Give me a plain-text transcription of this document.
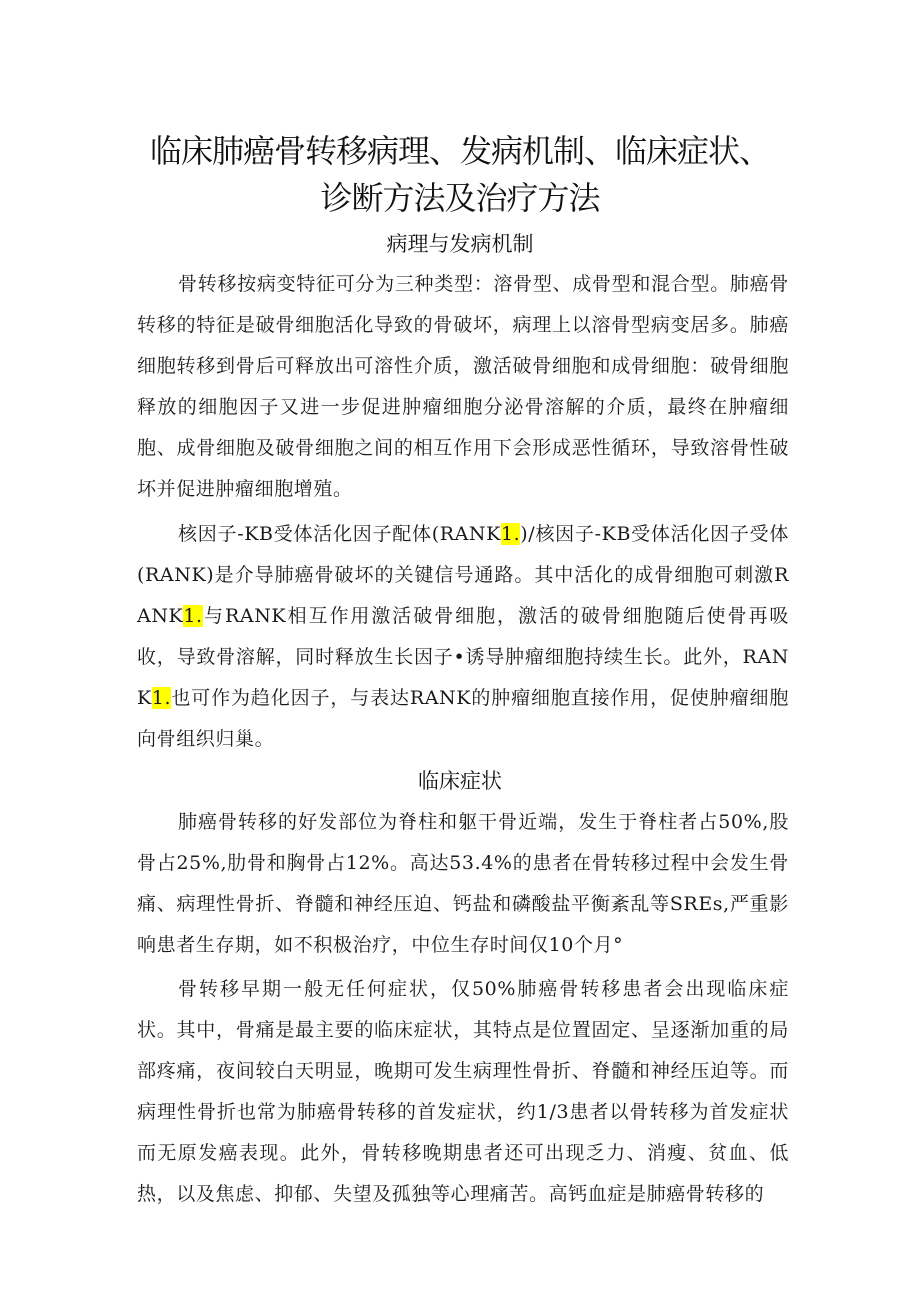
临床肺癌骨转移病理、发病机制、临床症状、
诊断方法及治疗方法
病理与发病机制

骨转移按病变特征可分为三种类型：溶骨型、成骨型和混合型。肺癌骨转移的特征是破骨细胞活化导致的骨破坏，病理上以溶骨型病变居多。肺癌细胞转移到骨后可释放出可溶性介质，激活破骨细胞和成骨细胞：破骨细胞释放的细胞因子又进一步促进肿瘤细胞分泌骨溶解的介质，最终在肿瘤细胞、成骨细胞及破骨细胞之间的相互作用下会形成恶性循环，导致溶骨性破坏并促进肿瘤细胞增殖。

核因子-KB受体活化因子配体(RANK1.)/核因子-KB受体活化因子受体(RANK)是介导肺癌骨破坏的关键信号通路。其中活化的成骨细胞可刺激RANK1.与RANK相互作用激活破骨细胞，激活的破骨细胞随后使骨再吸收，导致骨溶解，同时释放生长因子•诱导肿瘤细胞持续生长。此外，RANK1.也可作为趋化因子，与表达RANK的肿瘤细胞直接作用，促使肿瘤细胞向骨组织归巢。

临床症状

肺癌骨转移的好发部位为脊柱和躯干骨近端，发生于脊柱者占50%,股骨占25%,肋骨和胸骨占12%。高达53.4%的患者在骨转移过程中会发生骨痛、病理性骨折、脊髓和神经压迫、钙盐和磷酸盐平衡紊乱等SREs,严重影响患者生存期，如不积极治疗，中位生存时间仅10个月°

骨转移早期一般无任何症状，仅50%肺癌骨转移患者会出现临床症状。其中，骨痛是最主要的临床症状，其特点是位置固定、呈逐渐加重的局部疼痛，夜间较白天明显，晚期可发生病理性骨折、脊髓和神经压迫等。而病理性骨折也常为肺癌骨转移的首发症状，约1/3患者以骨转移为首发症状而无原发癌表现。此外，骨转移晚期患者还可出现乏力、消瘦、贫血、低热，以及焦虑、抑郁、失望及孤独等心理痛苦。高钙血症是肺癌骨转移的
